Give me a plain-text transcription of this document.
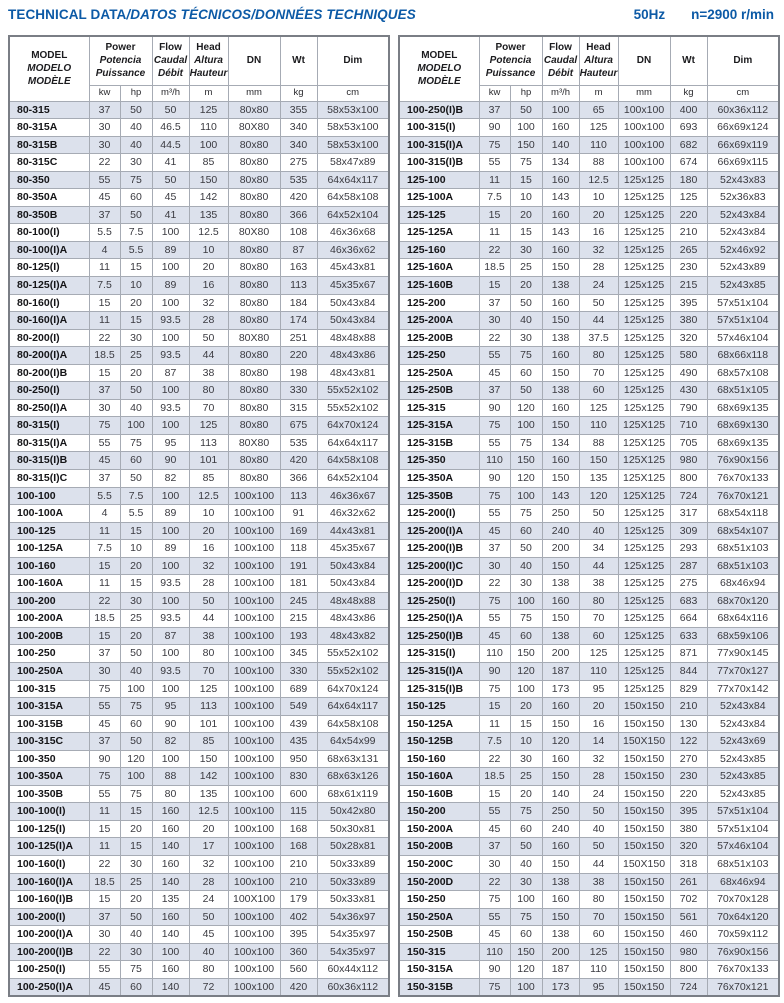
TECHNICAL DATA/DATOS TÉCNICOS/DONNÉES TECHNIQUES	50Hz n=2900 r/min
MODEL
MODELO
MODÈLE

Power
Potencia
Puissance

Flow
Caudal
Débit

Head
Altura
Hauteur

DN	Wt	Dim

	kw	hp	m³/h	m	mm	kg	cm
80-315	37	50	50	125	80x80	355	58x53x100
80-315A	30	40	46.5	110	80X80	340	58x53x100
80-315B	30	40	44.5	100	80x80	340	58x53x100
80-315C	22	30	41	85	80x80	275	58x47x89
80-350	55	75	50	150	80x80	535	64x64x117
80-350A	45	60	45	142	80x80	420	64x58x108
80-350B	37	50	41	135	80x80	366	64x52x104
80-100(I)	5.5	7.5	100	12.5	80X80	108	46x36x68
80-100(I)A	4	5.5	89	10	80x80	87	46x36x62
80-125(I)	11	15	100	20	80x80	163	45x43x81
80-125(I)A	7.5	10	89	16	80x80	113	45x35x67
80-160(I)	15	20	100	32	80x80	184	50x43x84
80-160(I)A	11	15	93.5	28	80x80	174	50x43x84
80-200(I)	22	30	100	50	80X80	251	48x48x88
80-200(I)A	18.5	25	93.5	44	80x80	220	48x43x86
80-200(I)B	15	20	87	38	80x80	198	48x43x81
80-250(I)	37	50	100	80	80x80	330	55x52x102
80-250(I)A	30	40	93.5	70	80x80	315	55x52x102
80-315(I)	75	100	100	125	80x80	675	64x70x124
80-315(I)A	55	75	95	113	80X80	535	64x64x117
80-315(I)B	45	60	90	101	80x80	420	64x58x108
80-315(I)C	37	50	82	85	80x80	366	64x52x104
100-100	5.5	7.5	100	12.5	100x100	113	46x36x67
100-100A	4	5.5	89	10	100x100	91	46x32x62
100-125	11	15	100	20	100x100	169	44x43x81
100-125A	7.5	10	89	16	100x100	118	45x35x67
100-160	15	20	100	32	100x100	191	50x43x84
100-160A	11	15	93.5	28	100x100	181	50x43x84
100-200	22	30	100	50	100x100	245	48x48x88
100-200A	18.5	25	93.5	44	100x100	215	48x43x86
100-200B	15	20	87	38	100x100	193	48x43x82
100-250	37	50	100	80	100x100	345	55x52x102
100-250A	30	40	93.5	70	100x100	330	55x52x102
100-315	75	100	100	125	100x100	689	64x70x124
100-315A	55	75	95	113	100x100	549	64x64x117
100-315B	45	60	90	101	100x100	439	64x58x108
100-315C	37	50	82	85	100x100	435	64x54x99
100-350	90	120	100	150	100x100	950	68x63x131
100-350A	75	100	88	142	100x100	830	68x63x126
100-350B	55	75	80	135	100x100	600	68x61x119
100-100(I)	11	15	160	12.5	100x100	115	50x42x80
100-125(I)	15	20	160	20	100x100	168	50x30x81
100-125(I)A	11	15	140	17	100x100	168	50x28x81
100-160(I)	22	30	160	32	100x100	210	50x33x89
100-160(I)A	18.5	25	140	28	100x100	210	50x33x89
100-160(I)B	15	20	135	24	100X100	179	50x33x81
100-200(I)	37	50	160	50	100x100	402	54x36x97
100-200(I)A	30	40	140	45	100x100	395	54x35x97
100-200(I)B	22	30	100	40	100x100	360	54x35x97
100-250(I)	55	75	160	80	100x100	560	60x44x112
100-250(I)A	45	60	140	72	100x100	420	60x36x112
MODEL
MODELO
MODÈLE

Power
Potencia
Puissance

Flow
Caudal
Débit

Head
Altura
Hauteur

DN	Wt	Dim

	kw	hp	m³/h	m	mm	kg	cm
100-250(I)B	37	50	100	65	100x100	400	60x36x112
100-315(I)	90	100	160	125	100x100	693	66x69x124
100-315(I)A	75	150	140	110	100x100	682	66x69x119
100-315(I)B	55	75	134	88	100x100	674	66x69x115
125-100	11	15	160	12.5	125x125	180	52x43x83
125-100A	7.5	10	143	10	125x125	125	52x36x83
125-125	15	20	160	20	125x125	220	52x43x84
125-125A	11	15	143	16	125x125	210	52x43x84
125-160	22	30	160	32	125x125	265	52x46x92
125-160A	18.5	25	150	28	125x125	230	52x43x89
125-160B	15	20	138	24	125x125	215	52x43x85
125-200	37	50	160	50	125x125	395	57x51x104
125-200A	30	40	150	44	125x125	380	57x51x104
125-200B	22	30	138	37.5	125x125	320	57x46x104
125-250	55	75	160	80	125x125	580	68x66x118
125-250A	45	60	150	70	125x125	490	68x57x108
125-250B	37	50	138	60	125x125	430	68x51x105
125-315	90	120	160	125	125x125	790	68x69x135
125-315A	75	100	150	110	125X125	710	68x69x130
125-315B	55	75	134	88	125X125	705	68x69x135
125-350	110	150	160	150	125X125	980	76x90x156
125-350A	90	120	150	135	125X125	800	76x70x133
125-350B	75	100	143	120	125X125	724	76x70x121
125-200(I)	55	75	250	50	125x125	317	68x54x118
125-200(I)A	45	60	240	40	125x125	309	68x54x107
125-200(I)B	37	50	200	34	125x125	293	68x51x103
125-200(I)C	30	40	150	44	125x125	287	68x51x103
125-200(I)D	22	30	138	38	125x125	275	68x46x94
125-250(I)	75	100	160	80	125x125	683	68x70x120
125-250(I)A	55	75	150	70	125x125	664	68x64x116
125-250(I)B	45	60	138	60	125x125	633	68x59x106
125-315(I)	110	150	200	125	125x125	871	77x90x145
125-315(I)A	90	120	187	110	125x125	844	77x70x127
125-315(I)B	75	100	173	95	125x125	829	77x70x142
150-125	15	20	160	20	150x150	210	52x43x84
150-125A	11	15	150	16	150x150	130	52x43x84
150-125B	7.5	10	120	14	150X150	122	52x43x69
150-160	22	30	160	32	150x150	270	52x43x85
150-160A	18.5	25	150	28	150x150	230	52x43x85
150-160B	15	20	140	24	150x150	220	52x43x85
150-200	55	75	250	50	150x150	395	57x51x104
150-200A	45	60	240	40	150x150	380	57x51x104
150-200B	37	50	160	50	150x150	320	57x46x104
150-200C	30	40	150	44	150X150	318	68x51x103
150-200D	22	30	138	38	150x150	261	68x46x94
150-250	75	100	160	80	150x150	702	70x70x128
150-250A	55	75	150	70	150x150	561	70x64x120
150-250B	45	60	138	60	150x150	460	70x59x112
150-315	110	150	200	125	150x150	980	76x90x156
150-315A	90	120	187	110	150x150	800	76x70x133
150-315B	75	100	173	95	150x150	724	76x70x121
